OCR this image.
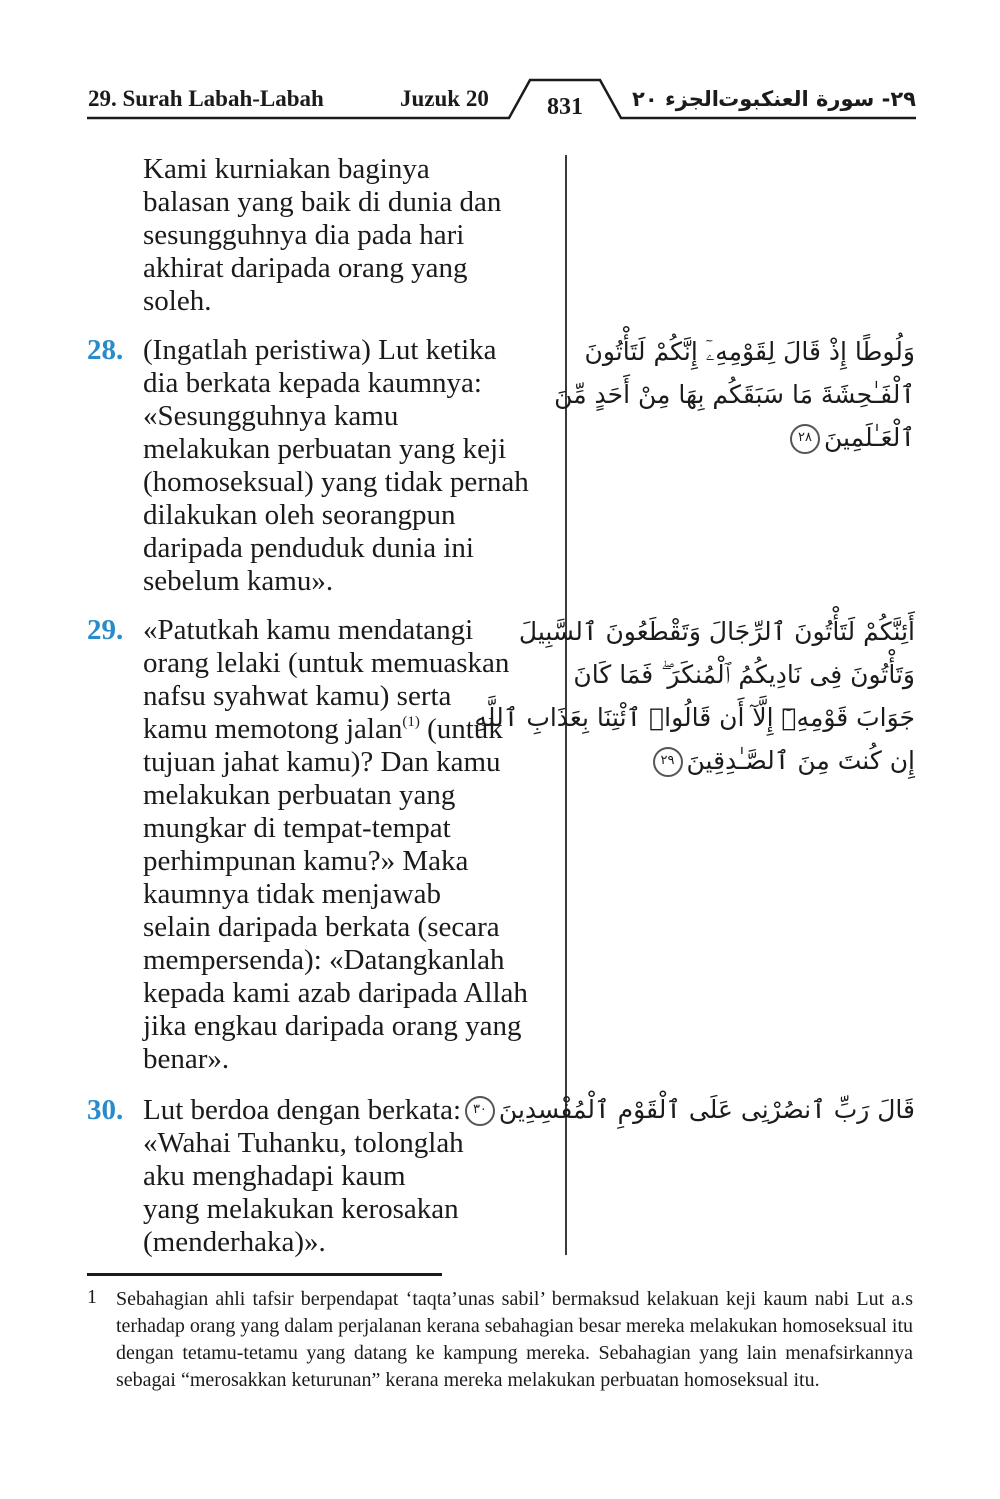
29. Surah Labah-Labah	Juzuk 20	الجزء ٢٠ ٢٩- سورة العنكبوت
831
Kami kurniakan baginya
balasan yang baik di dunia dan
sesungguhnya dia pada hari
akhirat daripada orang yang
soleh.
28. (Ingatlah peristiwa) Lut ketika
dia berkata kepada kaumnya:
«Sesungguhnya kamu
melakukan perbuatan yang keji
(homoseksual) yang tidak pernah
dilakukan oleh seorangpun
daripada penduduk dunia ini
sebelum kamu».
29. «Patutkah kamu mendatangi
orang lelaki (untuk memuaskan
nafsu syahwat kamu) serta
kamu memotong jalan$^{(1)}$ (untuk
tujuan jahat kamu)? Dan kamu
melakukan perbuatan yang
mungkar di tempat-tempat
perhimpunan kamu?» Maka
kaumnya tidak menjawab
selain daripada berkata (secara
mempersenda): «Datangkanlah
kepada kami azab daripada Allah
jika engkau daripada orang yang
benar».
30. Lut berdoa dengan berkata:
«Wahai Tuhanku, tolonglah
aku menghadapi kaum
yang melakukan kerosakan
(menderhaka)».
وَلُوطًا إِذْ قَالَ لِقَوْمِهِۦٓ إِنَّكُمْ لَتَأْتُونَ
ٱلْفَـٰحِشَةَ مَا سَبَقَكُم بِهَا مِنْ أَحَدٍ مِّنَ
ٱلْعَـٰلَمِينَ٢٨
أَئِنَّكُمْ لَتَأْتُونَ ٱلرِّجَالَ وَتَقْطَعُونَ ٱلسَّبِيلَ
وَتَأْتُونَ فِى نَادِيكُمُ ٱلْمُنكَرَ ۖ فَمَا كَانَ
جَوَابَ قَوْمِهِۦٓ إِلَّآ أَن قَالُوا۟ ٱئْتِنَا بِعَذَابِ ٱللَّهِ
إِن كُنتَ مِنَ ٱلصَّـٰدِقِينَ٢٩
قَالَ رَبِّ ٱنصُرْنِى عَلَى ٱلْقَوْمِ ٱلْمُفْسِدِينَ٣٠
1 Sebahagian ahli tafsir berpendapat ‘taqta’unas sabil’ bermaksud kelakuan keji kaum nabi Lut a.s terhadap orang yang dalam perjalanan kerana sebahagian besar mereka melakukan homoseksual itu dengan tetamu-tetamu yang datang ke kampung mereka. Sebahagian yang lain menafsirkannya sebagai “merosakkan keturunan” kerana mereka melakukan perbuatan homoseksual itu.
